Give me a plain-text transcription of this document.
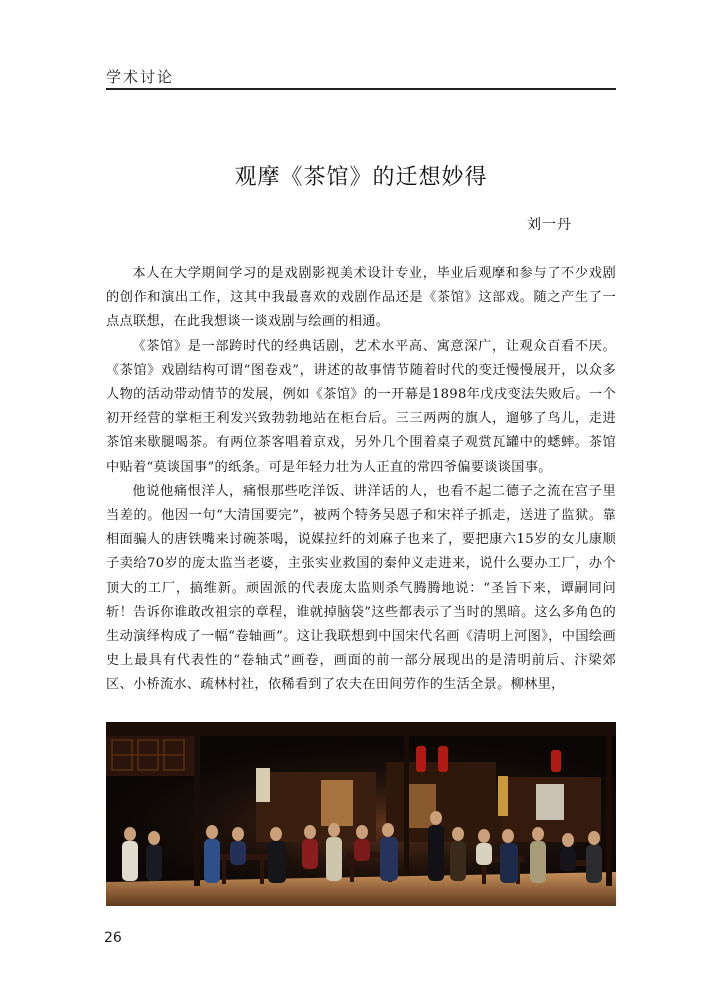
学术讨论
观摩《茶馆》的迁想妙得
刘一丹

本人在大学期间学习的是戏剧影视美术设计专业，毕业后观摩和参与了不少戏剧的创作和演出工作，这其中我最喜欢的戏剧作品还是《茶馆》这部戏。随之产生了一点点联想，在此我想谈一谈戏剧与绘画的相通。

《茶馆》是一部跨时代的经典话剧，艺术水平高、寓意深广，让观众百看不厌。《茶馆》戏剧结构可谓“图卷戏”，讲述的故事情节随着时代的变迁慢慢展开，以众多人物的活动带动情节的发展，例如《茶馆》的一开幕是1898年戊戌变法失败后。一个初开经营的掌柜王利发兴致勃勃地站在柜台后。三三两两的旗人，遛够了鸟儿，走进茶馆来歇腿喝茶。有两位茶客唱着京戏，另外几个围着桌子观赏瓦罐中的蟋蟀。茶馆中贴着“莫谈国事”的纸条。可是年轻力壮为人正直的常四爷偏要谈谈国事。

他说他痛恨洋人，痛恨那些吃洋饭、讲洋话的人，也看不起二德子之流在宫子里当差的。他因一句“大清国要完”，被两个特务吴恩子和宋祥子抓走，送进了监狱。靠相面骗人的唐铁嘴来讨碗茶喝，说媒拉纤的刘麻子也来了，要把康六15岁的女儿康顺子卖给70岁的庞太监当老婆，主张实业救国的秦仲义走进来，说什么要办工厂，办个顶大的工厂，搞维新。顽固派的代表庞太监则杀气腾腾地说：“圣旨下来，谭嗣同问斩！告诉你谁敢改祖宗的章程，谁就掉脑袋”这些都表示了当时的黑暗。这么多角色的生动演绎构成了一幅“卷轴画”。这让我联想到中国宋代名画《清明上河图》，中国绘画史上最具有代表性的“卷轴式”画卷，画面的前一部分展现出的是清明前后、汴梁郊区、小桥流水、疏林村社，依稀看到了农夫在田间劳作的生活全景。柳林里，

26
